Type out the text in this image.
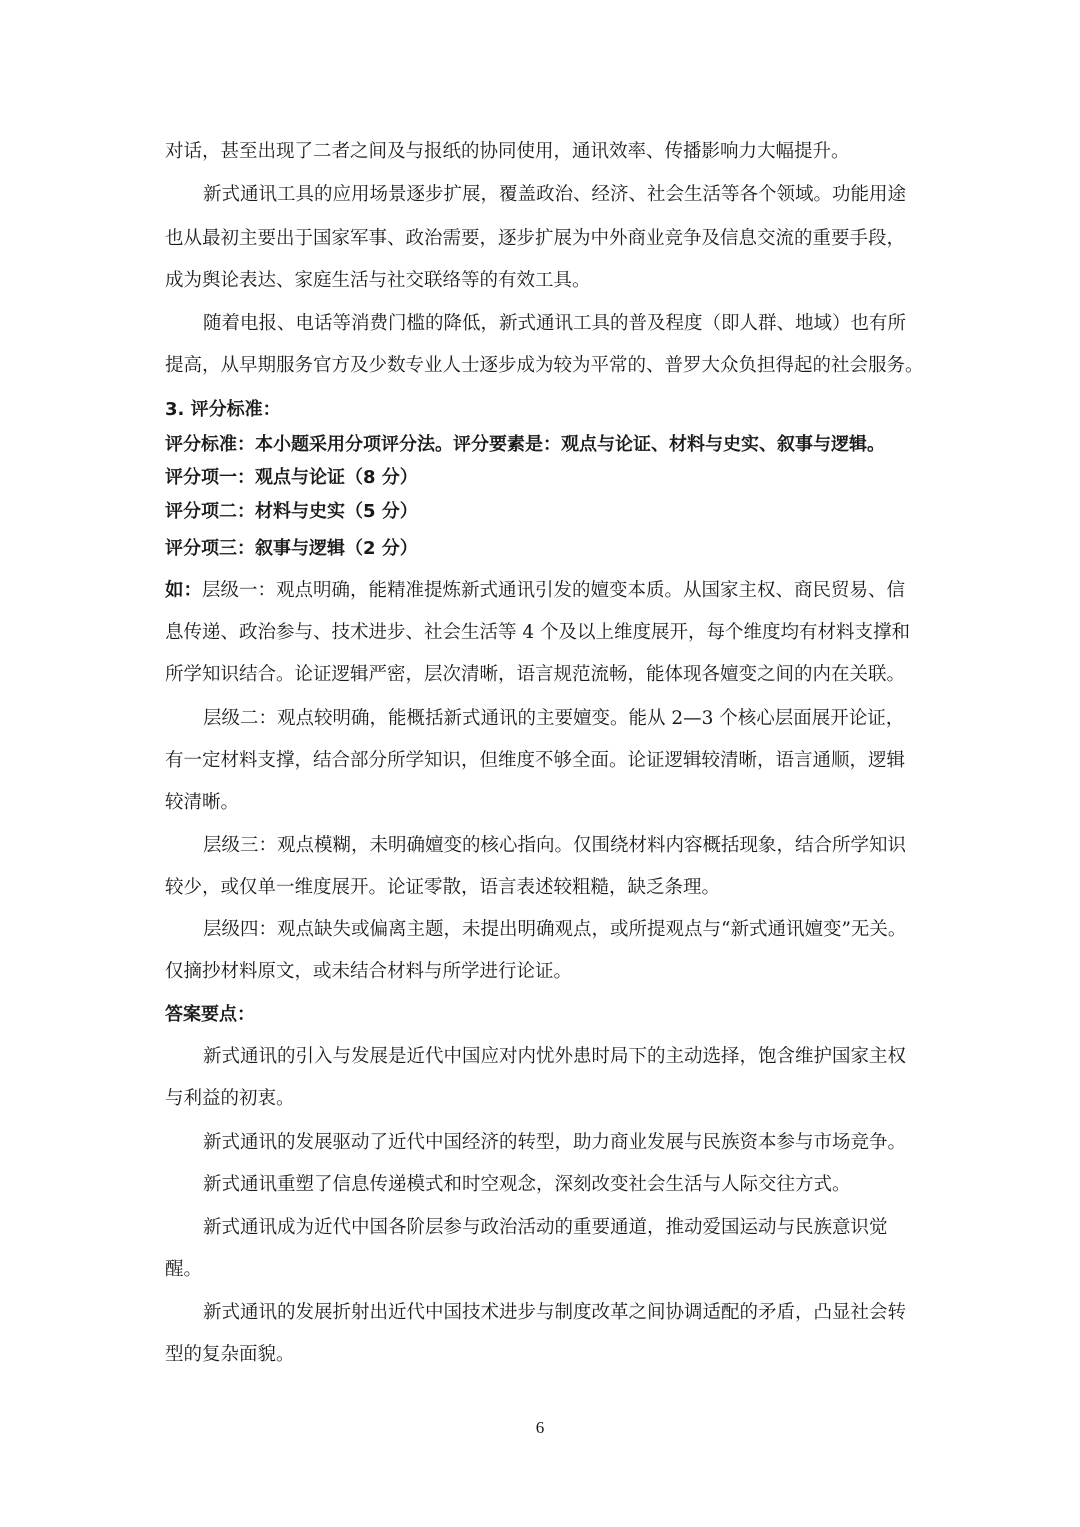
对话，甚至出现了二者之间及与报纸的协同使用，通讯效率、传播影响力大幅提升。
新式通讯工具的应用场景逐步扩展，覆盖政治、经济、社会生活等各个领域。功能用途
也从最初主要出于国家军事、政治需要，逐步扩展为中外商业竞争及信息交流的重要手段，
成为舆论表达、家庭生活与社交联络等的有效工具。
随着电报、电话等消费门槛的降低，新式通讯工具的普及程度（即人群、地域）也有所
提高，从早期服务官方及少数专业人士逐步成为较为平常的、普罗大众负担得起的社会服务。
3. 评分标准：
评分标准：本小题采用分项评分法。评分要素是：观点与论证、材料与史实、叙事与逻辑。
评分项一：观点与论证（8 分）
评分项二：材料与史实（5 分）
评分项三：叙事与逻辑（2 分）
如：层级一：观点明确，能精准提炼新式通讯引发的嬗变本质。从国家主权、商民贸易、信
息传递、政治参与、技术进步、社会生活等 4 个及以上维度展开，每个维度均有材料支撑和
所学知识结合。论证逻辑严密，层次清晰，语言规范流畅，能体现各嬗变之间的内在关联。
层级二：观点较明确，能概括新式通讯的主要嬗变。能从 2—3 个核心层面展开论证，
有一定材料支撑，结合部分所学知识，但维度不够全面。论证逻辑较清晰，语言通顺，逻辑
较清晰。
层级三：观点模糊，未明确嬗变的核心指向。仅围绕材料内容概括现象，结合所学知识
较少，或仅单一维度展开。论证零散，语言表述较粗糙，缺乏条理。
层级四：观点缺失或偏离主题，未提出明确观点，或所提观点与“新式通讯嬗变”无关。
仅摘抄材料原文，或未结合材料与所学进行论证。
答案要点：
新式通讯的引入与发展是近代中国应对内忧外患时局下的主动选择，饱含维护国家主权
与利益的初衷。
新式通讯的发展驱动了近代中国经济的转型，助力商业发展与民族资本参与市场竞争。
新式通讯重塑了信息传递模式和时空观念，深刻改变社会生活与人际交往方式。
新式通讯成为近代中国各阶层参与政治活动的重要通道，推动爱国运动与民族意识觉
醒。
新式通讯的发展折射出近代中国技术进步与制度改革之间协调适配的矛盾，凸显社会转
型的复杂面貌。
6
